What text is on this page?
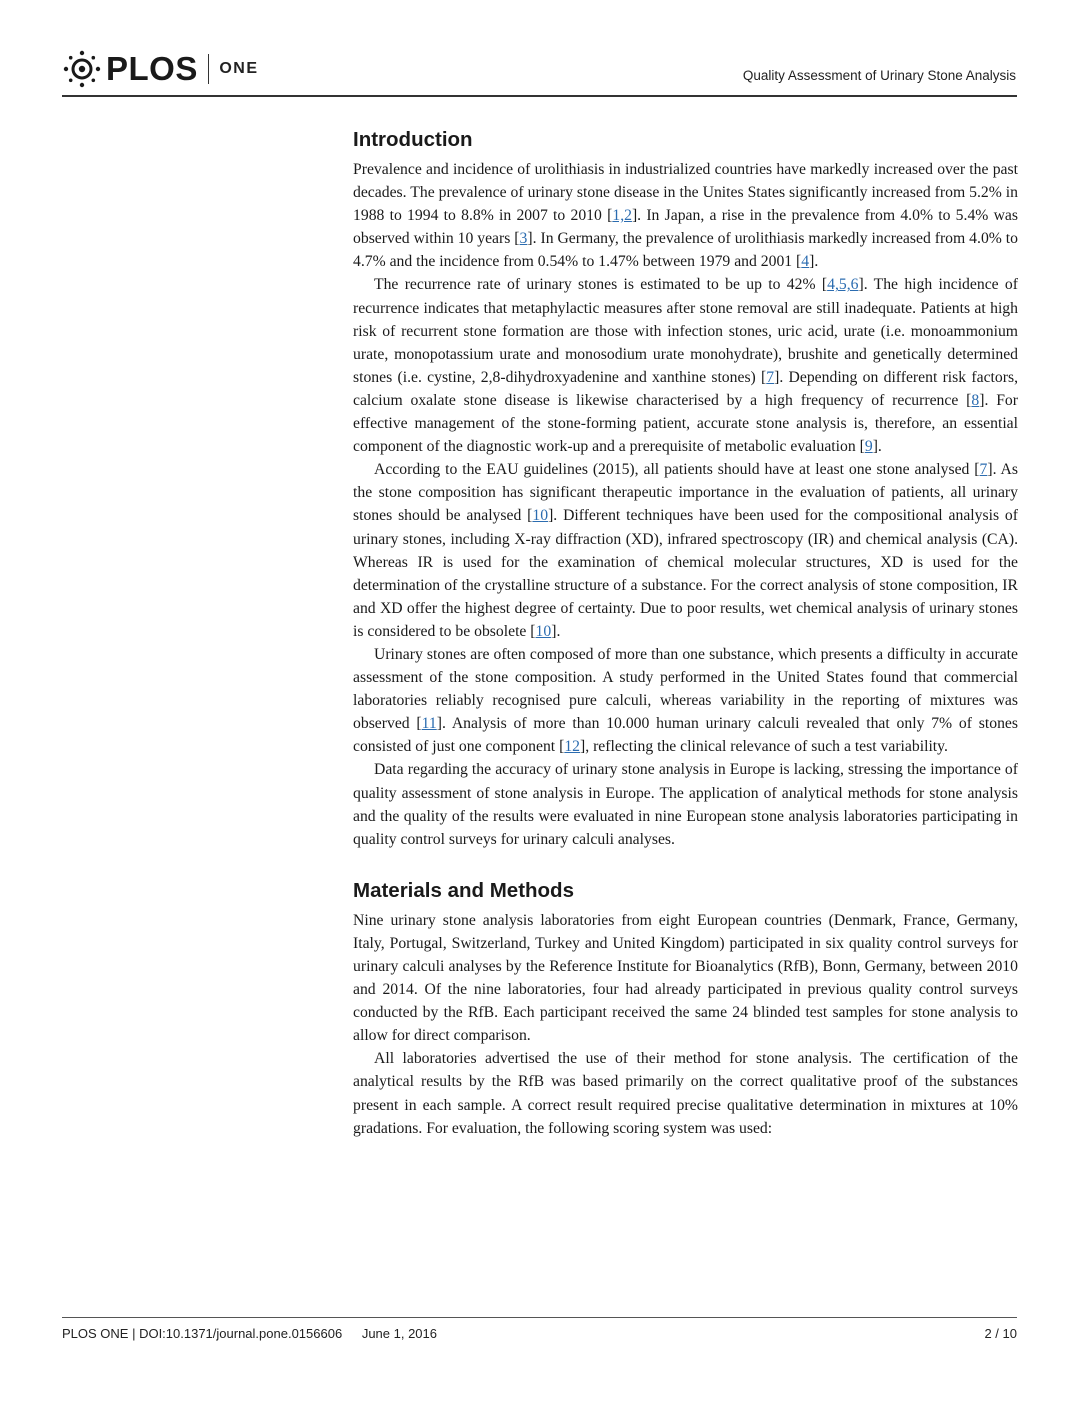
PLOS ONE	Quality Assessment of Urinary Stone Analysis
Introduction

Prevalence and incidence of urolithiasis in industrialized countries have markedly increased over the past decades. The prevalence of urinary stone disease in the Unites States significantly increased from 5.2% in 1988 to 1994 to 8.8% in 2007 to 2010 [1,2]. In Japan, a rise in the prevalence from 4.0% to 5.4% was observed within 10 years [3]. In Germany, the prevalence of urolithiasis markedly increased from 4.0% to 4.7% and the incidence from 0.54% to 1.47% between 1979 and 2001 [4].

The recurrence rate of urinary stones is estimated to be up to 42% [4,5,6]. The high incidence of recurrence indicates that metaphylactic measures after stone removal are still inadequate. Patients at high risk of recurrent stone formation are those with infection stones, uric acid, urate (i.e. monoammonium urate, monopotassium urate and monosodium urate monohydrate), brushite and genetically determined stones (i.e. cystine, 2,8-dihydroxyadenine and xanthine stones) [7]. Depending on different risk factors, calcium oxalate stone disease is likewise characterised by a high frequency of recurrence [8]. For effective management of the stone-forming patient, accurate stone analysis is, therefore, an essential component of the diagnostic work-up and a prerequisite of metabolic evaluation [9].

According to the EAU guidelines (2015), all patients should have at least one stone analysed [7]. As the stone composition has significant therapeutic importance in the evaluation of patients, all urinary stones should be analysed [10]. Different techniques have been used for the compositional analysis of urinary stones, including X-ray diffraction (XD), infrared spectroscopy (IR) and chemical analysis (CA). Whereas IR is used for the examination of chemical molecular structures, XD is used for the determination of the crystalline structure of a substance. For the correct analysis of stone composition, IR and XD offer the highest degree of certainty. Due to poor results, wet chemical analysis of urinary stones is considered to be obsolete [10].

Urinary stones are often composed of more than one substance, which presents a difficulty in accurate assessment of the stone composition. A study performed in the United States found that commercial laboratories reliably recognised pure calculi, whereas variability in the reporting of mixtures was observed [11]. Analysis of more than 10.000 human urinary calculi revealed that only 7% of stones consisted of just one component [12], reflecting the clinical relevance of such a test variability.

Data regarding the accuracy of urinary stone analysis in Europe is lacking, stressing the importance of quality assessment of stone analysis in Europe. The application of analytical methods for stone analysis and the quality of the results were evaluated in nine European stone analysis laboratories participating in quality control surveys for urinary calculi analyses.

Materials and Methods

Nine urinary stone analysis laboratories from eight European countries (Denmark, France, Germany, Italy, Portugal, Switzerland, Turkey and United Kingdom) participated in six quality control surveys for urinary calculi analyses by the Reference Institute for Bioanalytics (RfB), Bonn, Germany, between 2010 and 2014. Of the nine laboratories, four had already participated in previous quality control surveys conducted by the RfB. Each participant received the same 24 blinded test samples for stone analysis to allow for direct comparison.

All laboratories advertised the use of their method for stone analysis. The certification of the analytical results by the RfB was based primarily on the correct qualitative proof of the substances present in each sample. A correct result required precise qualitative determination in mixtures at 10% gradations. For evaluation, the following scoring system was used:

PLOS ONE | DOI:10.1371/journal.pone.0156606 June 1, 2016	2 / 10
